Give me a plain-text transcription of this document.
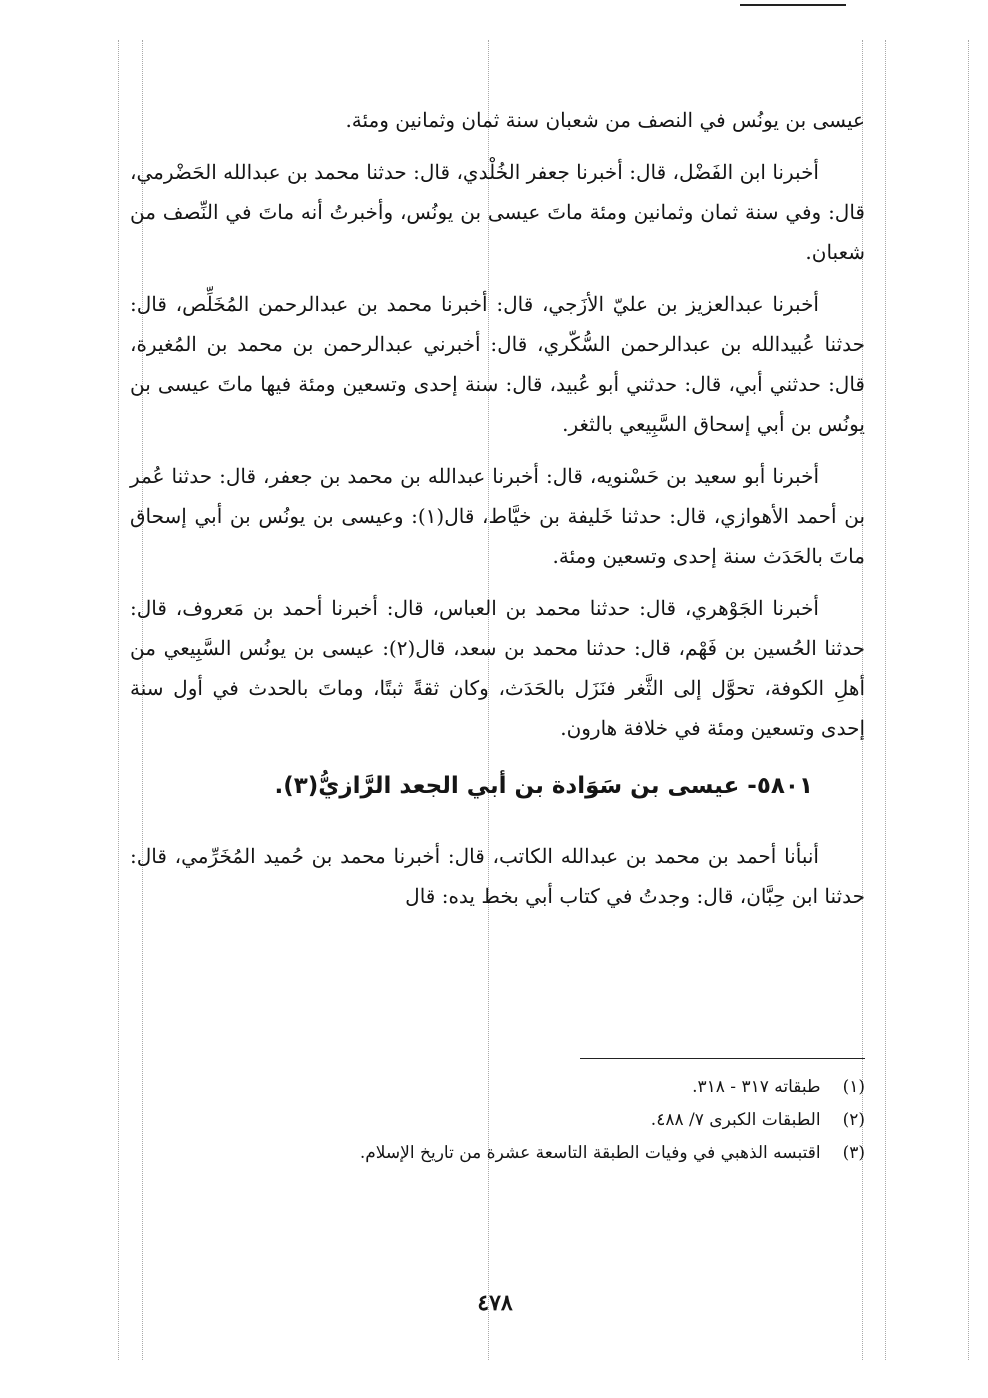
عيسى بن يونُس في النصف من شعبان سنة ثمان وثمانين ومئة.

أخبرنا ابن الفَضْل، قال: أخبرنا جعفر الخُلْدي، قال: حدثنا محمد بن عبدالله الحَضْرمي، قال: وفي سنة ثمان وثمانين ومئة ماتَ عيسى بن يونُس، وأخبرتُ أنه ماتَ في النِّصف من شعبان.

أخبرنا عبدالعزيز بن عليّ الأزَجي، قال: أخبرنا محمد بن عبدالرحمن المُخَلِّص، قال: حدثنا عُبيدالله بن عبدالرحمن السُّكّري، قال: أخبرني عبدالرحمن بن محمد بن المُغيرة، قال: حدثني أبي، قال: حدثني أبو عُبيد، قال: سنة إحدى وتسعين ومئة فيها ماتَ عيسى بن يونُس بن أبي إسحاق السَّبِيعي بالثغر.

أخبرنا أبو سعيد بن حَسْنويه، قال: أخبرنا عبدالله بن محمد بن جعفر، قال: حدثنا عُمر بن أحمد الأهوازي، قال: حدثنا خَليفة بن خيَّاط، قال(١): وعيسى بن يونُس بن أبي إسحاق ماتَ بالحَدَث سنة إحدى وتسعين ومئة.

أخبرنا الجَوْهري، قال: حدثنا محمد بن العباس، قال: أخبرنا أحمد بن مَعروف، قال: حدثنا الحُسين بن فَهْم، قال: حدثنا محمد بن سعد، قال(٢): عيسى بن يونُس السَّبِيعي من أهلِ الكوفة، تحوَّل إلى الثَّغر فنَزَل بالحَدَث، وكان ثقةً ثبتًا، وماتَ بالحدث في أول سنة إحدى وتسعين ومئة في خلافة هارون.

٥٨٠١- عيسى بن سَوَادة بن أبي الجعد الرَّازيُّ(٣).

أنبأنا أحمد بن محمد بن عبدالله الكاتب، قال: أخبرنا محمد بن حُميد المُخَرِّمي، قال: حدثنا ابن حِبَّان، قال: وجدتُ في كتاب أبي بخط يده: قال

(١)طبقاته ٣١٧ - ٣١٨.
(٢)الطبقات الكبرى ٧/ ٤٨٨.
(٣)اقتبسه الذهبي في وفيات الطبقة التاسعة عشرة من تاريخ الإسلام.
٤٧٨
